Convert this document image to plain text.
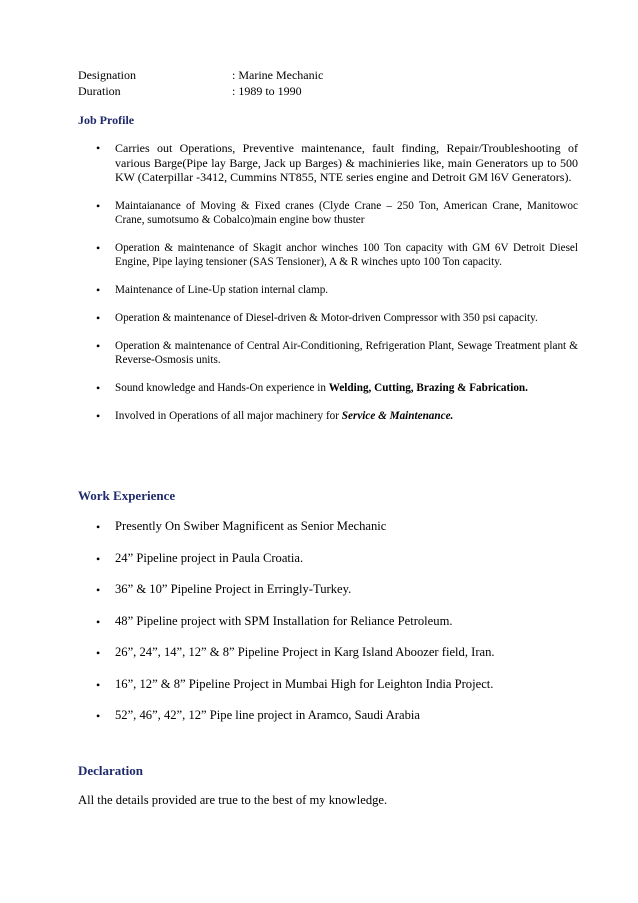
Designation	: Marine Mechanic
Duration	: 1989 to 1990
Job Profile
• Carries out Operations, Preventive maintenance, fault finding, Repair/Troubleshooting of various Barge(Pipe lay Barge, Jack up Barges) & machinieries like, main Generators up to 500 KW (Caterpillar -3412, Cummins NT855, NTE series engine and Detroit GM l6V Generators).
• Maintaianance of Moving & Fixed cranes (Clyde Crane – 250 Ton, American Crane, Manitowoc Crane, sumotsumo & Cobalco)main engine bow thuster
• Operation & maintenance of Skagit anchor winches 100 Ton capacity with GM 6V Detroit Diesel Engine, Pipe laying tensioner (SAS Tensioner), A & R winches upto 100 Ton capacity.
• Maintenance of Line-Up station internal clamp.
• Operation & maintenance of Diesel-driven & Motor-driven Compressor with 350 psi capacity.
• Operation & maintenance of Central Air-Conditioning, Refrigeration Plant, Sewage Treatment plant & Reverse-Osmosis units.
• Sound knowledge and Hands-On experience in Welding, Cutting, Brazing & Fabrication.
• Involved in Operations of all major machinery for Service & Maintenance.
Work Experience
• Presently On Swiber Magnificent as Senior Mechanic
• 24” Pipeline project in Paula Croatia.
• 36” & 10” Pipeline Project in Erringly-Turkey.
• 48” Pipeline project with SPM Installation for Reliance Petroleum.
• 26”, 24”, 14”, 12” & 8” Pipeline Project in Karg Island Aboozer field, Iran.
• 16”, 12” & 8” Pipeline Project in Mumbai High for Leighton India Project.
• 52”, 46”, 42”, 12” Pipe line project in Aramco, Saudi Arabia
Declaration
All the details provided are true to the best of my knowledge.
